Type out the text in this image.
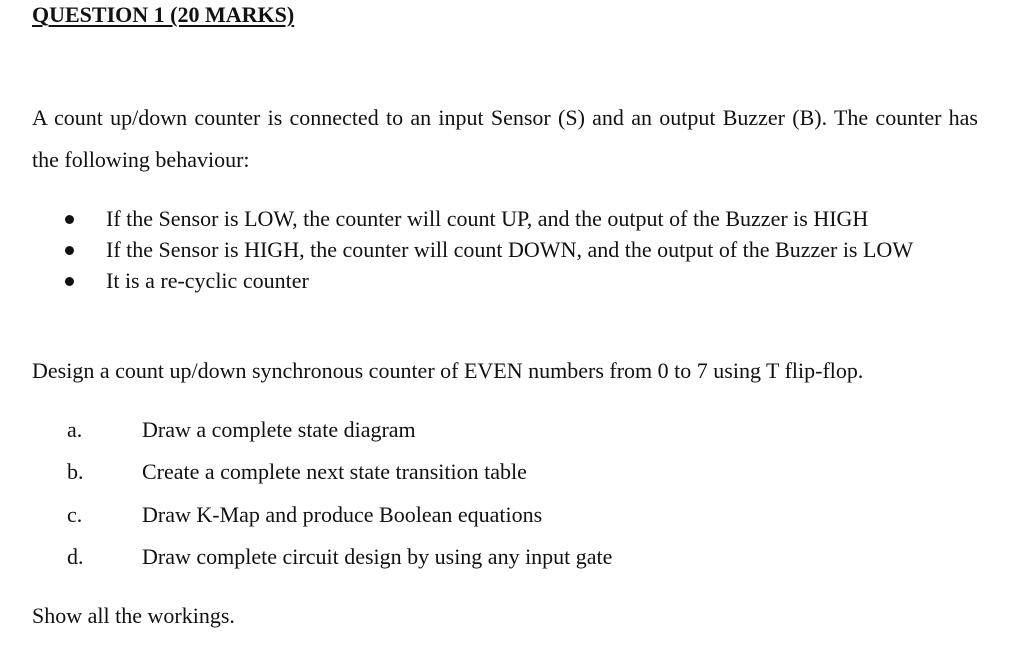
QUESTION 1 (20 MARKS)
A count up/down counter is connected to an input Sensor (S) and an output Buzzer (B). The counter has the following behaviour:
If the Sensor is LOW, the counter will count UP, and the output of the Buzzer is HIGH
If the Sensor is HIGH, the counter will count DOWN, and the output of the Buzzer is LOW
It is a re-cyclic counter
Design a count up/down synchronous counter of EVEN numbers from 0 to 7 using T flip-flop.
a.	Draw a complete state diagram
b.	Create a complete next state transition table
c.	Draw K-Map and produce Boolean equations
d.	Draw complete circuit design by using any input gate
Show all the workings.
